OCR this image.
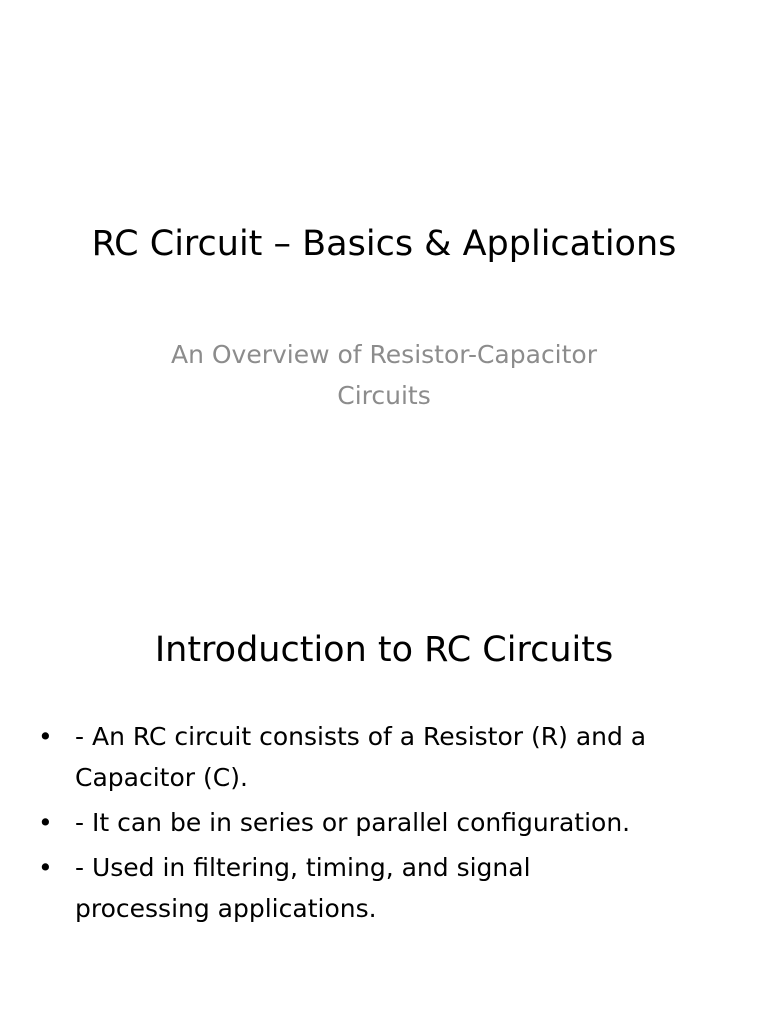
RC Circuit – Basics & Applications
An Overview of Resistor-Capacitor
Circuits
Introduction to RC Circuits
• - An RC circuit consists of a Resistor (R) and a
Capacitor (C).
• - It can be in series or parallel configuration.
• - Used in filtering, timing, and signal
processing applications.
